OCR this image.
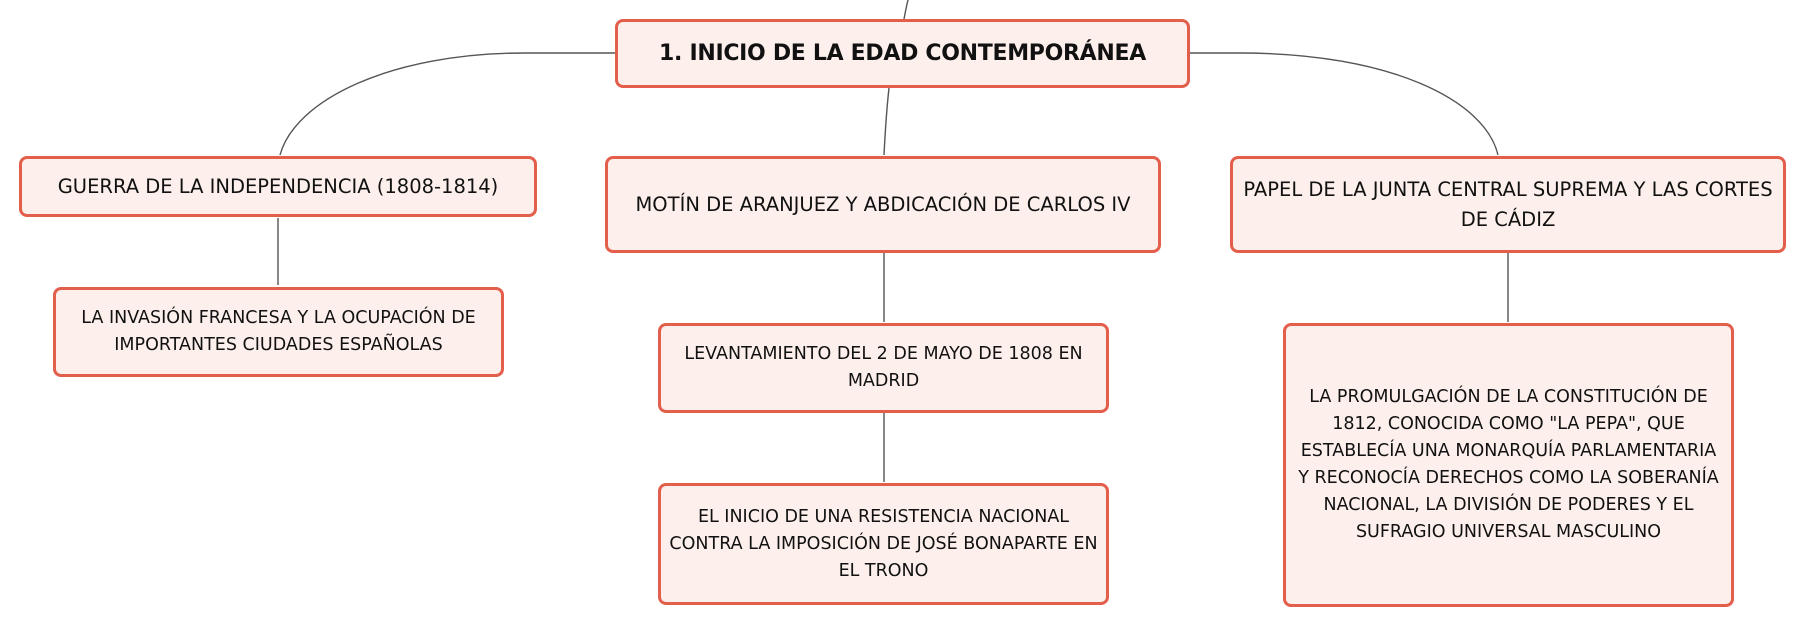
1. INICIO DE LA EDAD CONTEMPORÁNEA
GUERRA DE LA INDEPENDENCIA (1808-1814)
MOTÍN DE ARANJUEZ Y ABDICACIÓN DE CARLOS IV
PAPEL DE LA JUNTA CENTRAL SUPREMA Y LAS CORTES DE CÁDIZ
LA INVASIÓN FRANCESA Y LA OCUPACIÓN DE IMPORTANTES CIUDADES ESPAÑOLAS	LEVANTAMIENTO DEL 2 DE MAYO DE 1808 EN MADRID
EL INICIO DE UNA RESISTENCIA NACIONAL CONTRA LA IMPOSICIÓN DE JOSÉ BONAPARTE EN EL TRONO
LA PROMULGACIÓN DE LA CONSTITUCIÓN DE 1812, CONOCIDA COMO "LA PEPA", QUE ESTABLECÍA UNA MONARQUÍA PARLAMENTARIA Y RECONOCÍA DERECHOS COMO LA SOBERANÍA NACIONAL, LA DIVISIÓN DE PODERES Y EL SUFRAGIO UNIVERSAL MASCULINO
